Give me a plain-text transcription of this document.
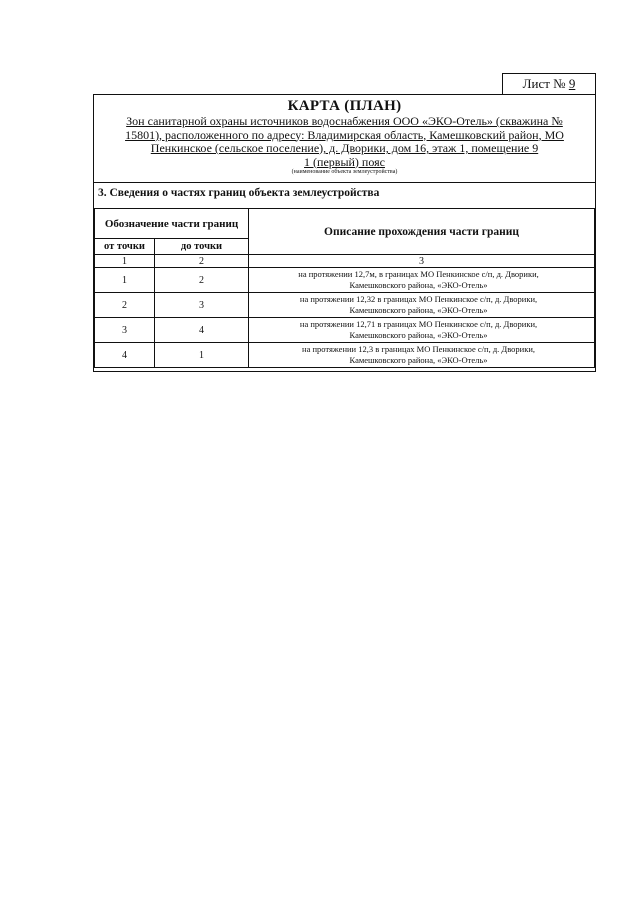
Лист № 9
КАРТА (ПЛАН)
Зон санитарной охраны источников водоснабжения ООО «ЭКО-Отель» (скважина №
15801), расположенного по адресу: Владимирская область, Камешковский район, МО
Пенкинское (сельское поселение), д. Дворики, дом 16, этаж 1, помещение 9
1 (первый) пояс
(наименование объекта землеустройства)
3. Сведения о частях границ объекта землеустройства
Обозначение части границ		Описание прохождения части границ
от точки	до точки	
1	2	3
1	2	на протяжении 12,7м, в границах МО Пенкинское с/п, д. Дворики,
Камешковского района, «ЭКО-Отель»

2	3	на протяжении 12,32 в границах МО Пенкинское с/п, д. Дворики,
Камешковского района, «ЭКО-Отель»

3	4	на протяжении 12,71 в границах МО Пенкинское с/п, д. Дворики,
Камешковского района, «ЭКО-Отель»

4	1	на протяжении 12,3 в границах МО Пенкинское с/п, д. Дворики,
Камешковского района, «ЭКО-Отель»
